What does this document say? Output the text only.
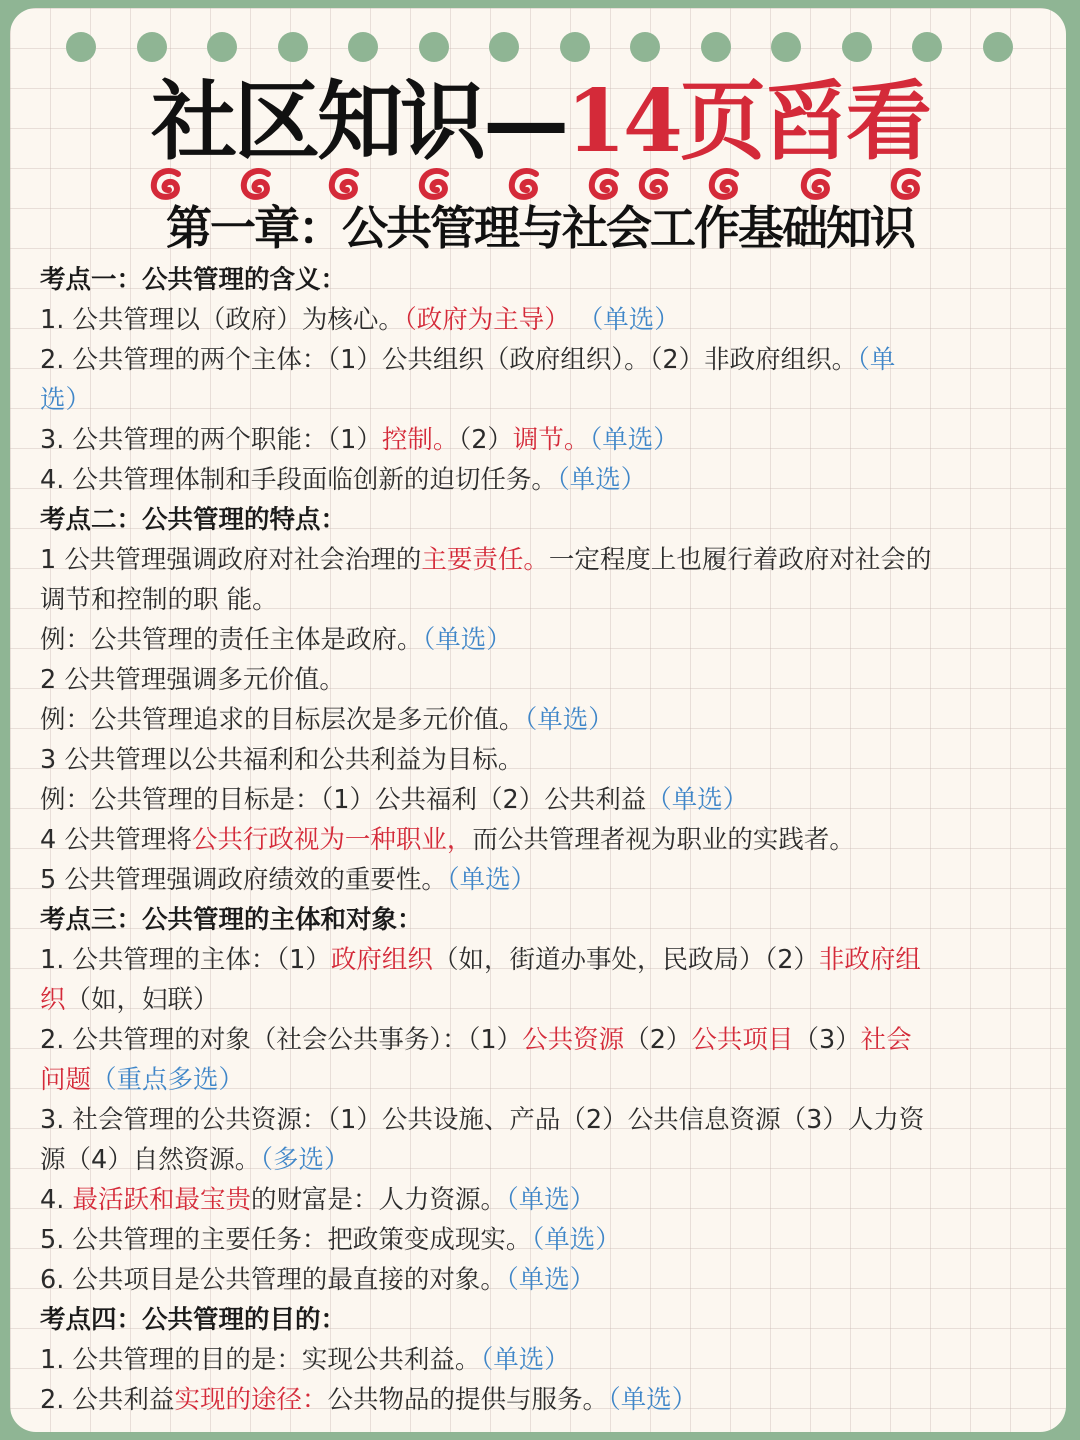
社区知识—14页舀看
第一章：公共管理与社会工作基础知识
考点一：公共管理的含义：
1. 公共管理以（政府）为核心。（政府为主导） （单选）
2. 公共管理的两个主体：（1）公共组织（政府组织）。（2）非政府组织。（单
选）
3. 公共管理的两个职能：（1）控制。（2）调节。（单选）
4. 公共管理体制和手段面临创新的迫切任务。（单选）
考点二：公共管理的特点：
1 公共管理强调政府对社会治理的主要责任。一定程度上也履行着政府对社会的
调节和控制的职 能。
例：公共管理的责任主体是政府。（单选）
2 公共管理强调多元价值。
例：公共管理追求的目标层次是多元价值。（单选）
3 公共管理以公共福利和公共利益为目标。
例：公共管理的目标是：（1）公共福利（2）公共利益（单选）
4 公共管理将公共行政视为一种职业，而公共管理者视为职业的实践者。
5 公共管理强调政府绩效的重要性。（单选）
考点三：公共管理的主体和对象：
1. 公共管理的主体：（1）政府组织（如，街道办事处，民政局）（2）非政府组
织（如，妇联）
2. 公共管理的对象（社会公共事务）：（1）公共资源（2）公共项目（3）社会
问题（重点多选）
3. 社会管理的公共资源：（1）公共设施、产品（2）公共信息资源（3）人力资
源（4）自然资源。（多选）
4. 最活跃和最宝贵的财富是：人力资源。（单选）
5. 公共管理的主要任务：把政策变成现实。（单选）
6. 公共项目是公共管理的最直接的对象。（单选）
考点四：公共管理的目的：
1. 公共管理的目的是：实现公共利益。（单选）
2. 公共利益实现的途径：公共物品的提供与服务。（单选）
